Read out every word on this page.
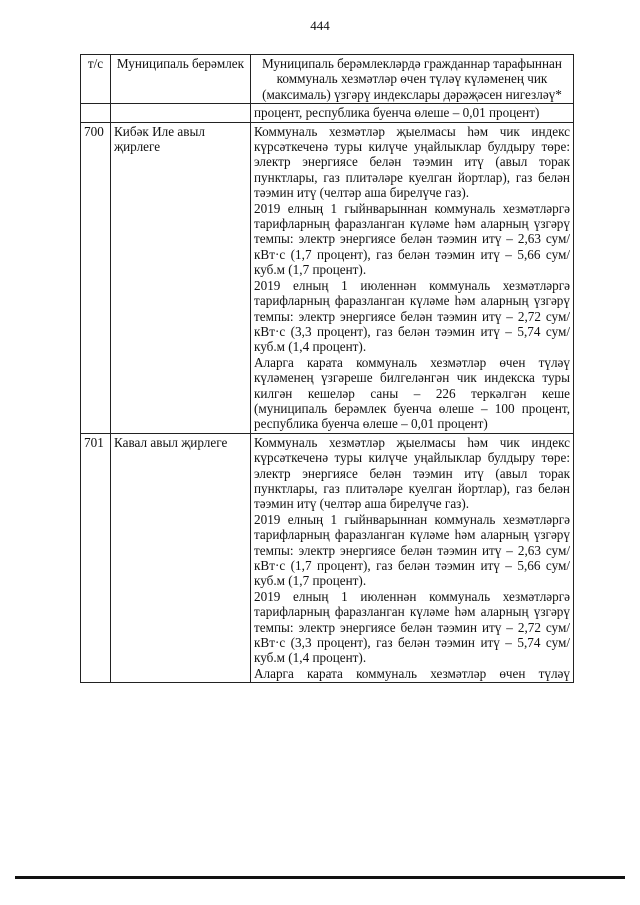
444
т/с	Муниципаль берәмлек	Муниципаль берәмлекләрдә гражданнар тарафыннан коммуналь хезмәтләр өчен түләү күләменең чик (максималь) үзгәрү индекслары дәрәҗәсен нигезләү*

		процент, республика буенча өлеше – 0,01 процент)

700	Кибәк Иле авыл җирлеге	Коммуналь хезмәтләр җыелмасы һәм чик индекс күрсәткеченә туры килүче уңайлыклар булдыру төре: электр энергиясе белән тәэмин итү (авыл торак пунктлары, газ плитәләре куелган йортлар), газ белән тәэмин итү (челтәр аша бирелүче газ).

2019 елның 1 гыйнварыннан коммуналь хезмәтләргә тарифларның фаразланган күләме һәм аларның үзгәрү темпы: электр энергиясе белән тәэмин итү – 2,63 сум/кВт·с (1,7 процент), газ белән тәэмин итү – 5,66 сум/куб.м (1,7 процент).

2019 елның 1 июленнән коммуналь хезмәтләргә тарифларның фаразланган күләме һәм аларның үзгәрү темпы: электр энергиясе белән тәэмин итү – 2,72 сум/кВт·с (3,3 процент), газ белән тәэмин итү – 5,74 сум/куб.м (1,4 процент).

Аларга карата коммуналь хезмәтләр өчен түләү күләменең үзгәреше билгеләнгән чик индекска туры килгән кешеләр саны – 226 теркәлгән кеше (муниципаль берәмлек буенча өлеше – 100 процент, республика буенча өлеше – 0,01 процент)

701	Кавал авыл җирлеге	Коммуналь хезмәтләр җыелмасы һәм чик индекс күрсәткеченә туры килүче уңайлыклар булдыру төре: электр энергиясе белән тәэмин итү (авыл торак пунктлары, газ плитәләре куелган йортлар), газ белән тәэмин итү (челтәр аша бирелүче газ).

2019 елның 1 гыйнварыннан коммуналь хезмәтләргә тарифларның фаразланган күләме һәм аларның үзгәрү темпы: электр энергиясе белән тәэмин итү – 2,63 сум/кВт·с (1,7 процент), газ белән тәэмин итү – 5,66 сум/куб.м (1,7 процент).

2019 елның 1 июленнән коммуналь хезмәтләргә тарифларның фаразланган күләме һәм аларның үзгәрү темпы: электр энергиясе белән тәэмин итү – 2,72 сум/кВт·с (3,3 процент), газ белән тәэмин итү – 5,74 сум/куб.м (1,4 процент).

Аларга карата коммуналь хезмәтләр өчен түләү
